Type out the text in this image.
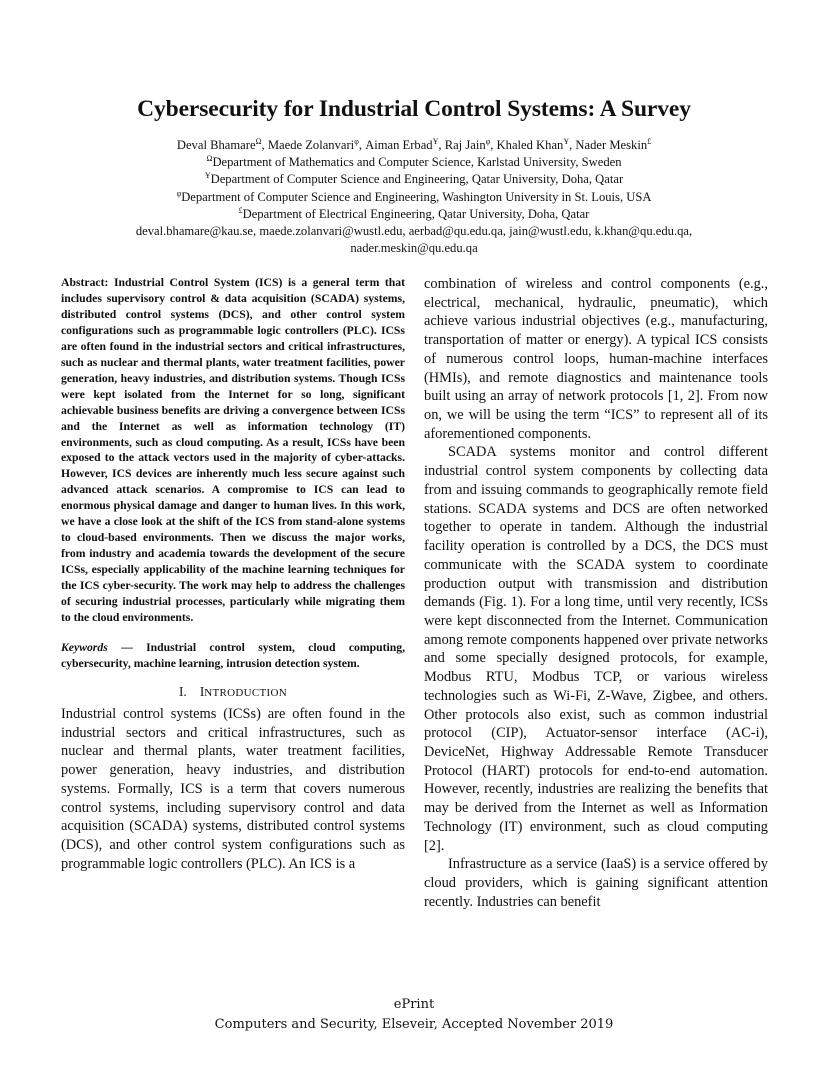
Cybersecurity for Industrial Control Systems: A Survey
Deval Bhamare$^\Omega$, Maede Zolanvari$^\varphi$, Aiman Erbad$^Ұ$, Raj Jain$^\varphi$, Khaled Khan$^Ұ$, Nader Meskin£
$^\Omega$Department of Mathematics and Computer Science, Karlstad University, Sweden
$^Ұ$Department of Computer Science and Engineering, Qatar University, Doha, Qatar
$^\varphi$Department of Computer Science and Engineering, Washington University in St. Louis, USA
£Department of Electrical Engineering, Qatar University, Doha, Qatar
deval.bhamare@kau.se, maede.zolanvari@wustl.edu, aerbad@qu.edu.qa, jain@wustl.edu, k.khan@qu.edu.qa,
nader.meskin@qu.edu.qa

Abstract: Industrial Control System (ICS) is a general term that includes supervisory control & data acquisition (SCADA) systems, distributed control systems (DCS), and other control system configurations such as programmable logic controllers (PLC). ICSs are often found in the industrial sectors and critical infrastructures, such as nuclear and thermal plants, water treatment facilities, power generation, heavy industries, and distribution systems. Though ICSs were kept isolated from the Internet for so long, significant achievable business benefits are driving a convergence between ICSs and the Internet as well as information technology (IT) environments, such as cloud computing. As a result, ICSs have been exposed to the attack vectors used in the majority of cyber-attacks. However, ICS devices are inherently much less secure against such advanced attack scenarios. A compromise to ICS can lead to enormous physical damage and danger to human lives. In this work, we have a close look at the shift of the ICS from stand-alone systems to cloud-based environments. Then we discuss the major works, from industry and academia towards the development of the secure ICSs, especially applicability of the machine learning techniques for the ICS cyber-security. The work may help to address the challenges of securing industrial processes, particularly while migrating them to the cloud environments.

Keywords — Industrial control system, cloud computing, cybersecurity, machine learning, intrusion detection system.

I. INTRODUCTION

Industrial control systems (ICSs) are often found in the industrial sectors and critical infrastructures, such as nuclear and thermal plants, water treatment facilities, power generation, heavy industries, and distribution systems. Formally, ICS is a term that covers numerous control systems, including supervisory control and data acquisition (SCADA) systems, distributed control systems (DCS), and other control system configurations such as programmable logic controllers (PLC). An ICS is a

combination of wireless and control components (e.g., electrical, mechanical, hydraulic, pneumatic), which achieve various industrial objectives (e.g., manufacturing, transportation of matter or energy). A typical ICS consists of numerous control loops, human-machine interfaces (HMIs), and remote diagnostics and maintenance tools built using an array of network protocols [1, 2]. From now on, we will be using the term “ICS” to represent all of its aforementioned components.

SCADA systems monitor and control different industrial control system components by collecting data from and issuing commands to geographically remote field stations. SCADA systems and DCS are often networked together to operate in tandem. Although the industrial facility operation is controlled by a DCS, the DCS must communicate with the SCADA system to coordinate production output with transmission and distribution demands (Fig. 1). For a long time, until very recently, ICSs were kept disconnected from the Internet. Communication among remote components happened over private networks and some specially designed protocols, for example, Modbus RTU, Modbus TCP, or various wireless technologies such as Wi-Fi, Z-Wave, Zigbee, and others. Other protocols also exist, such as common industrial protocol (CIP), Actuator-sensor interface (AC-i), DeviceNet, Highway Addressable Remote Transducer Protocol (HART) protocols for end-to-end automation. However, recently, industries are realizing the benefits that may be derived from the Internet as well as Information Technology (IT) environment, such as cloud computing [2].

Infrastructure as a service (IaaS) is a service offered by cloud providers, which is gaining significant attention recently. Industries can benefit

ePrint
Computers and Security, Elseveir, Accepted November 2019
